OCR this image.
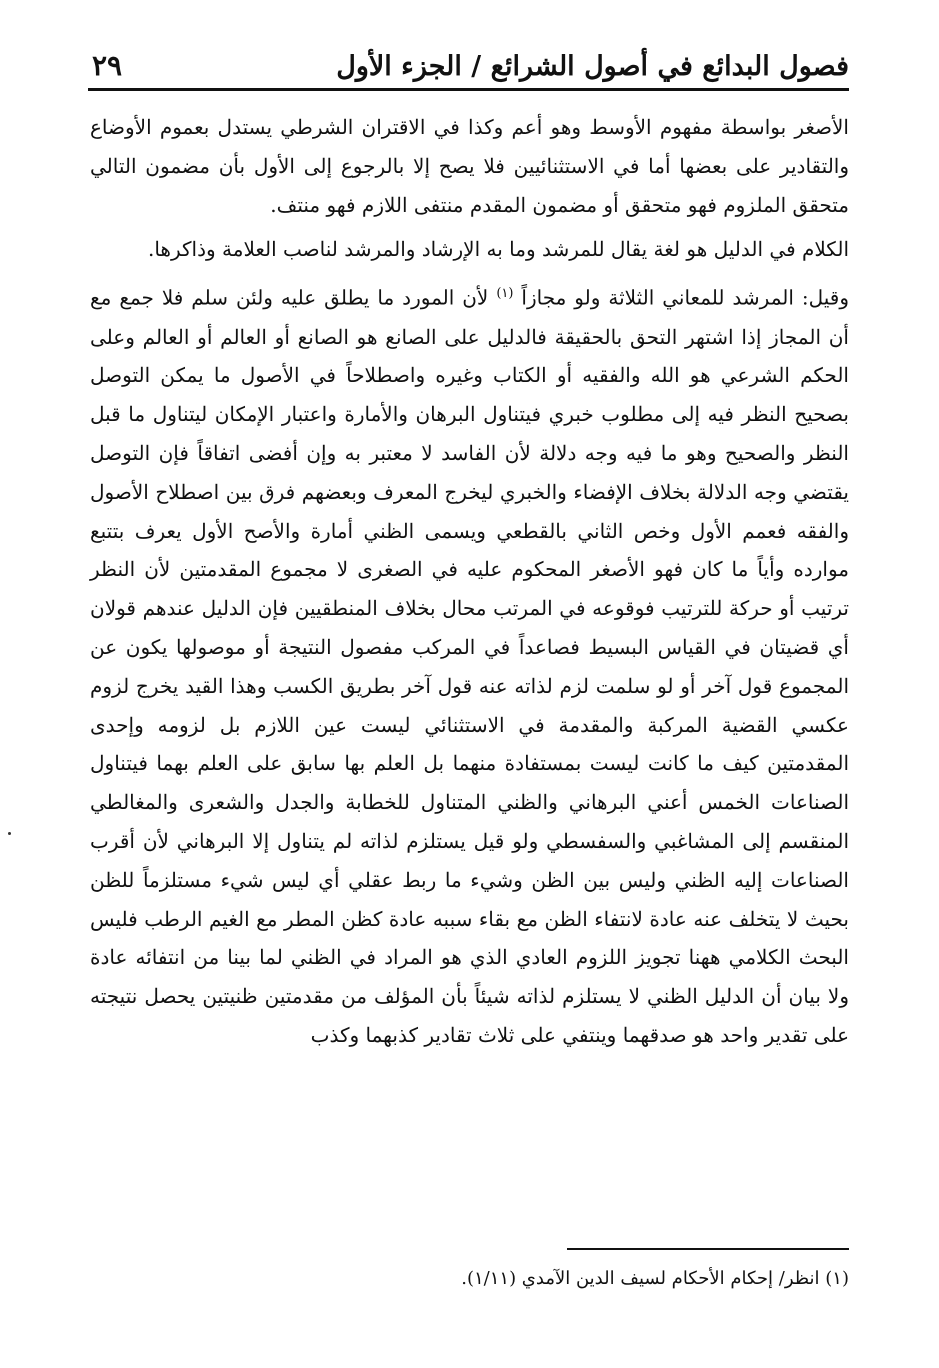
٢٩	فصول البدائع في أصول الشرائع / الجزء الأول

الأصغر بواسطة مفهوم الأوسط وهو أعم وكذا في الاقتران الشرطي يستدل بعموم الأوضاع والتقادير على بعضها أما في الاستثنائيين فلا يصح إلا بالرجوع إلى الأول بأن مضمون التالي متحقق الملزوم فهو متحقق أو مضمون المقدم منتفى اللازم فهو منتف.

الكلام في الدليل هو لغة يقال للمرشد وما به الإرشاد والمرشد لناصب العلامة وذاكرها.

وقيل: المرشد للمعاني الثلاثة ولو مجازاً $^{(١)}$ لأن المورد ما يطلق عليه ولئن سلم فلا جمع مع أن المجاز إذا اشتهر التحق بالحقيقة فالدليل على الصانع هو الصانع أو العالم أو العالم وعلى الحكم الشرعي هو الله والفقيه أو الكتاب وغيره واصطلاحاً في الأصول ما يمكن التوصل بصحيح النظر فيه إلى مطلوب خبري فيتناول البرهان والأمارة واعتبار الإمكان ليتناول ما قبل النظر والصحيح وهو ما فيه وجه دلالة لأن الفاسد لا معتبر به وإن أفضى اتفاقاً فإن التوصل يقتضي وجه الدلالة بخلاف الإفضاء والخبري ليخرج المعرف وبعضهم فرق بين اصطلاح الأصول والفقه فعمم الأول وخص الثاني بالقطعي ويسمى الظني أمارة والأصح الأول يعرف بتتبع موارده وأياً ما كان فهو الأصغر المحكوم عليه في الصغرى لا مجموع المقدمتين لأن النظر ترتيب أو حركة للترتيب فوقوعه في المرتب محال بخلاف المنطقيين فإن الدليل عندهم قولان أي قضيتان في القياس البسيط فصاعداً في المركب مفصول النتيجة أو موصولها يكون عن المجموع قول آخر أو لو سلمت لزم لذاته عنه قول آخر بطريق الكسب وهذا القيد يخرج لزوم عكسي القضية المركبة والمقدمة في الاستثنائي ليست عين اللازم بل لزومه وإحدى المقدمتين كيف ما كانت ليست بمستفادة منهما بل العلم بها سابق على العلم بهما فيتناول الصناعات الخمس أعني البرهاني والظني المتناول للخطابة والجدل والشعرى والمغالطي المنقسم إلى المشاغبي والسفسطي ولو قيل يستلزم لذاته لم يتناول إلا البرهاني لأن أقرب الصناعات إليه الظني وليس بين الظن وشيء ما ربط عقلي أي ليس شيء مستلزماً للظن بحيث لا يتخلف عنه عادة لانتفاء الظن مع بقاء سببه عادة كظن المطر مع الغيم الرطب فليس البحث الكلامي ههنا تجويز اللزوم العادي الذي هو المراد في الظني لما بينا من انتفائه عادة ولا بيان أن الدليل الظني لا يستلزم لذاته شيئاً بأن المؤلف من مقدمتين ظنيتين يحصل نتيجته على تقدير واحد هو صدقهما وينتفي على ثلاث تقادير كذبهما وكذب

(١) انظر/ إحكام الأحكام لسيف الدين الآمدي (١/١١).
